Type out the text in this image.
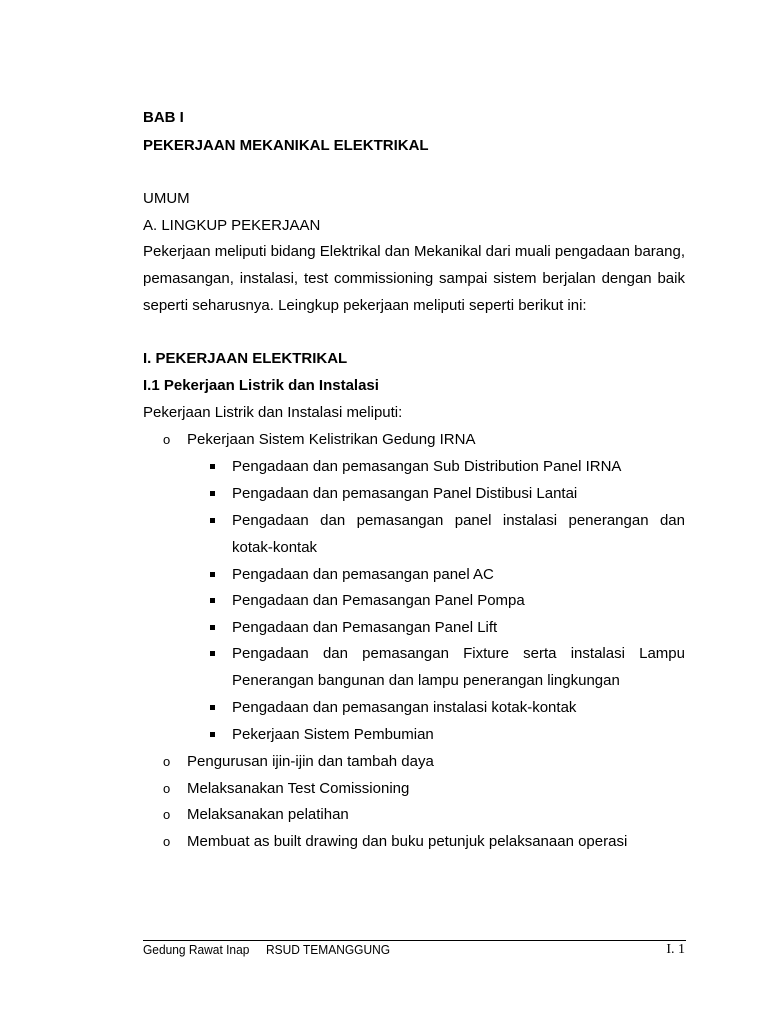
BAB I
PEKERJAAN MEKANIKAL ELEKTRIKAL
UMUM
A. LINGKUP PEKERJAAN
Pekerjaan meliputi bidang Elektrikal dan Mekanikal dari muali pengadaan barang, pemasangan, instalasi, test commissioning sampai sistem berjalan dengan baik seperti seharusnya. Leingkup pekerjaan meliputi seperti berikut ini:
I. PEKERJAAN ELEKTRIKAL
I.1 Pekerjaan Listrik dan Instalasi
Pekerjaan Listrik dan Instalasi meliputi:
o Pekerjaan Sistem Kelistrikan Gedung IRNA
Pengadaan dan pemasangan Sub Distribution Panel IRNA
Pengadaan dan pemasangan Panel Distibusi Lantai
Pengadaan dan pemasangan panel instalasi penerangan dan
kotak-kontak
Pengadaan dan pemasangan panel AC
Pengadaan dan Pemasangan Panel Pompa
Pengadaan dan Pemasangan Panel Lift
Pengadaan dan pemasangan Fixture serta instalasi Lampu
Penerangan bangunan dan lampu penerangan lingkungan
Pengadaan dan pemasangan instalasi kotak-kontak
Pekerjaan Sistem Pembumian
o Pengurusan ijin-ijin dan tambah daya
o Melaksanakan Test Comissioning
o Melaksanakan pelatihan
o Membuat as built drawing dan buku petunjuk pelaksanaan operasi
Gedung Rawat Inap     RSUD TEMANGGUNG	I. 1
